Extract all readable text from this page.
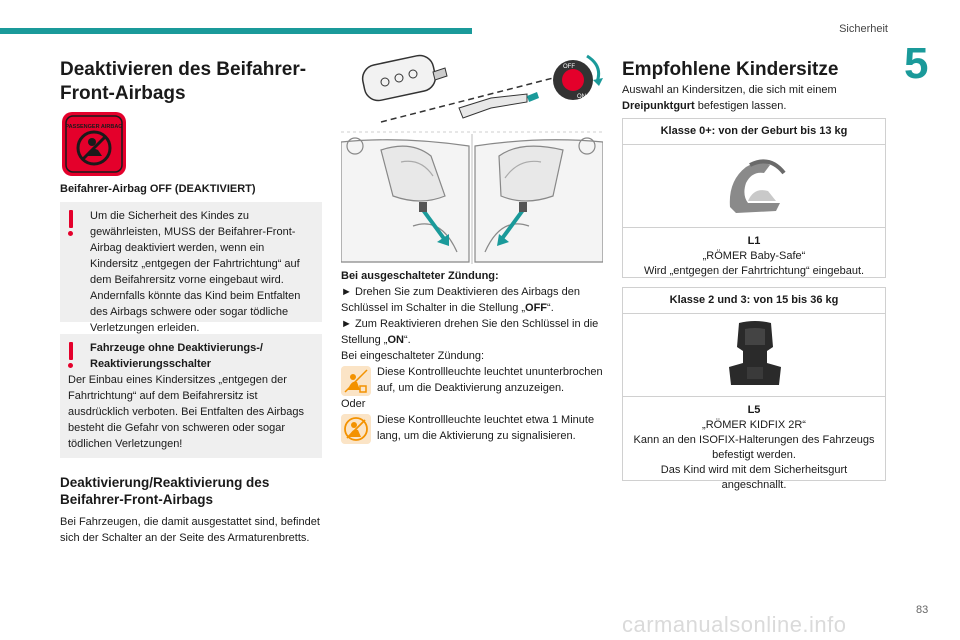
Sicherheit
5
Deaktivieren des Beifahrer-Front-Airbags
PASSENGER AIRBAG
Beifahrer-Airbag OFF (DEAKTIVIERT)

Um die Sicherheit des Kindes zu gewährleisten, MUSS der Beifahrer-Front-Airbag deaktiviert werden, wenn ein Kindersitz „entgegen der Fahrtrichtung“ auf dem Beifahrersitz vorne eingebaut wird. Andernfalls könnte das Kind beim Entfalten des Airbags schwere oder sogar tödliche Verletzungen erleiden.

Fahrzeuge ohne Deaktivierungs-/ Reaktivierungsschalter

Der Einbau eines Kindersitzes „entgegen der Fahrtrichtung“ auf dem Beifahrersitz ist ausdrücklich verboten. Bei Entfalten des Airbags besteht die Gefahr von schweren oder sogar tödlichen Verletzungen!

Deaktivierung/Reaktivierung des Beifahrer-Front-Airbags
Bei Fahrzeugen, die damit ausgestattet sind, befindet sich der Schalter an der Seite des Armaturenbretts.
OFF
ON

Bei ausgeschalteter Zündung:

► Drehen Sie zum Deaktivieren des Airbags den Schlüssel im Schalter in die Stellung „OFF“.

► Zum Reaktivieren drehen Sie den Schlüssel in die Stellung „ON“.

Bei eingeschalteter Zündung:

Diese Kontrollleuchte leuchtet ununterbrochen auf, um die Deaktivierung anzuzeigen.

Oder

Diese Kontrollleuchte leuchtet etwa 1 Minute lang, um die Aktivierung zu signalisieren.
Empfohlene Kindersitze
Auswahl an Kindersitzen, die sich mit einem Dreipunktgurt befestigen lassen.
Klasse 0+: von der Geburt bis 13 kg

L1

„RÖMER Baby-Safe“

Wird „entgegen der Fahrtrichtung“ eingebaut.

Klasse 2 und 3: von 15 bis 36 kg

L5

„RÖMER KIDFIX 2R“

Kann an den ISOFIX-Halterungen des Fahrzeugs befestigt werden.

Das Kind wird mit dem Sicherheitsgurt angeschnallt.

carmanualsonline.info
83
